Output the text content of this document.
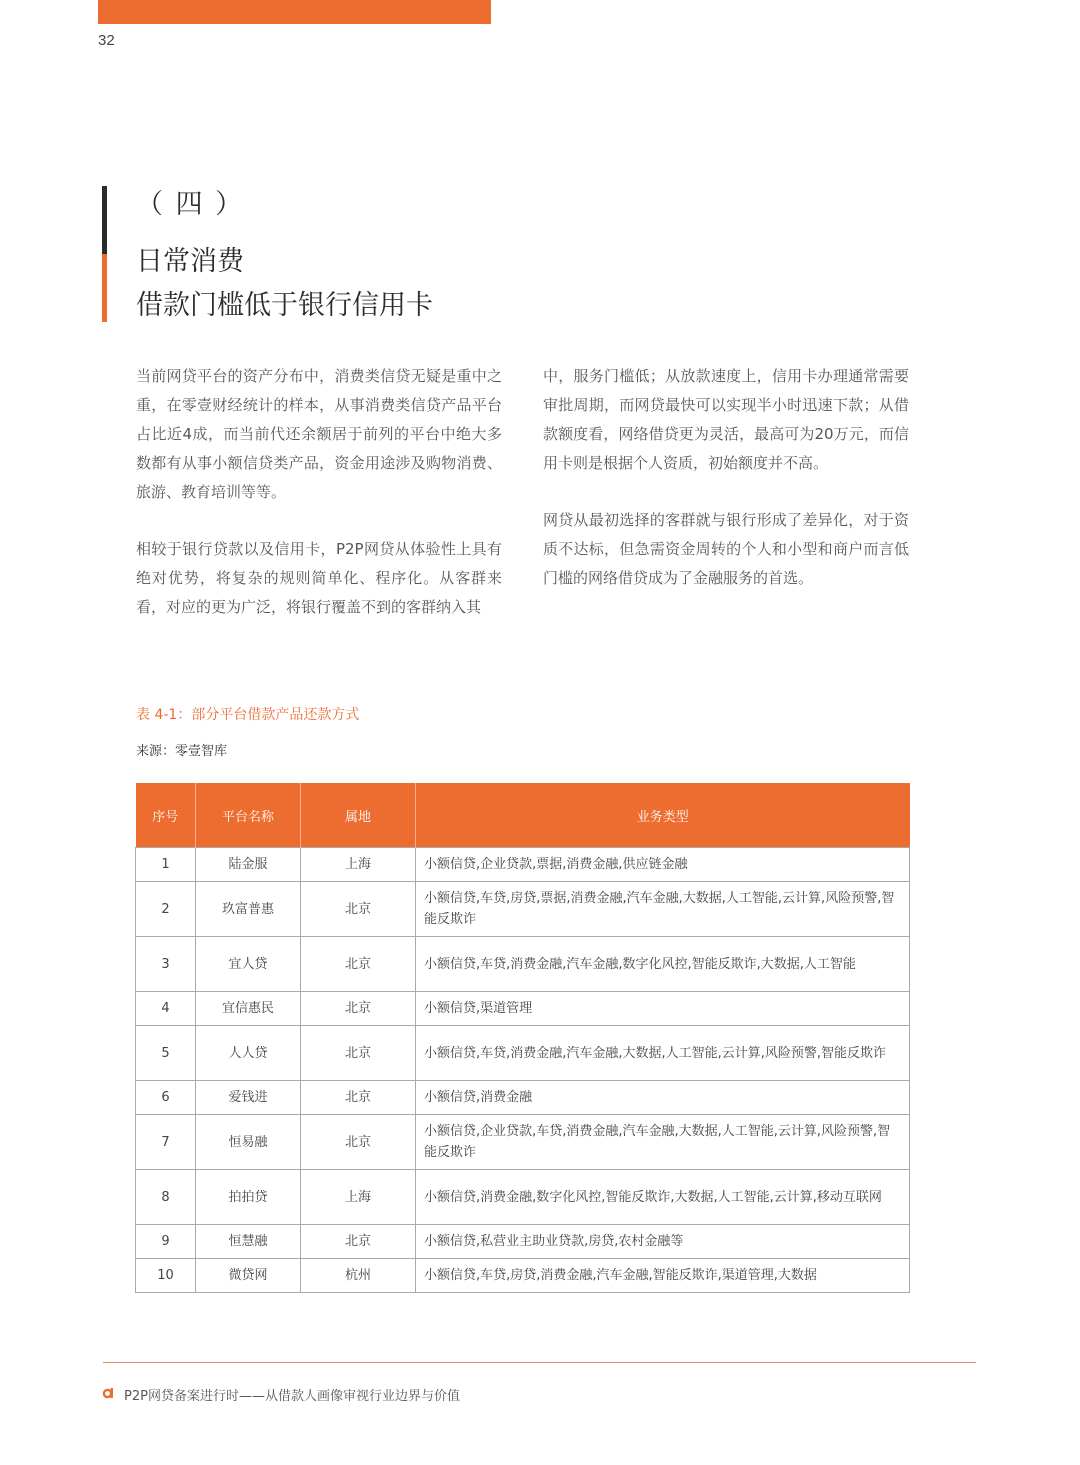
32
（ 四 ）
日常消费
借款门槛低于银行信用卡

当前网贷平台的资产分布中，消费类信贷无疑是重中之重，在零壹财经统计的样本，从事消费类信贷产品平台占比近4成，而当前代还余额居于前列的平台中绝大多数都有从事小额信贷类产品，资金用途涉及购物消费、旅游、教育培训等等。

相较于银行贷款以及信用卡，P2P网贷从体验性上具有绝对优势，将复杂的规则简单化、程序化。从客群来看，对应的更为广泛，将银行覆盖不到的客群纳入其

中，服务门槛低；从放款速度上，信用卡办理通常需要审批周期，而网贷最快可以实现半小时迅速下款；从借款额度看，网络借贷更为灵活，最高可为20万元，而信用卡则是根据个人资质，初始额度并不高。

网贷从最初选择的客群就与银行形成了差异化，对于资质不达标，但急需资金周转的个人和小型和商户而言低门槛的网络借贷成为了金融服务的首选。

表 4-1：部分平台借款产品还款方式
来源：零壹智库
序号	平台名称	属地	业务类型
1	陆金服	上海	小额信贷,企业贷款,票据,消费金融,供应链金融
2	玖富普惠	北京	小额信贷,车贷,房贷,票据,消费金融,汽车金融,大数据,人工智能,云计算,风险预警,智能反欺诈
3	宜人贷	北京	小额信贷,车贷,消费金融,汽车金融,数字化风控,智能反欺诈,大数据,人工智能
4	宜信惠民	北京	小额信贷,渠道管理
5	人人贷	北京	小额信贷,车贷,消费金融,汽车金融,大数据,人工智能,云计算,风险预警,智能反欺诈
6	爱钱进	北京	小额信贷,消费金融
7	恒易融	北京	小额信贷,企业贷款,车贷,消费金融,汽车金融,大数据,人工智能,云计算,风险预警,智能反欺诈
8	拍拍贷	上海	小额信贷,消费金融,数字化风控,智能反欺诈,大数据,人工智能,云计算,移动互联网
9	恒慧融	北京	小额信贷,私营业主助业贷款,房贷,农村金融等
10	微贷网	杭州	小额信贷,车贷,房贷,消费金融,汽车金融,智能反欺诈,渠道管理,大数据
P2P网贷备案进行时——从借款人画像审视行业边界与价值
